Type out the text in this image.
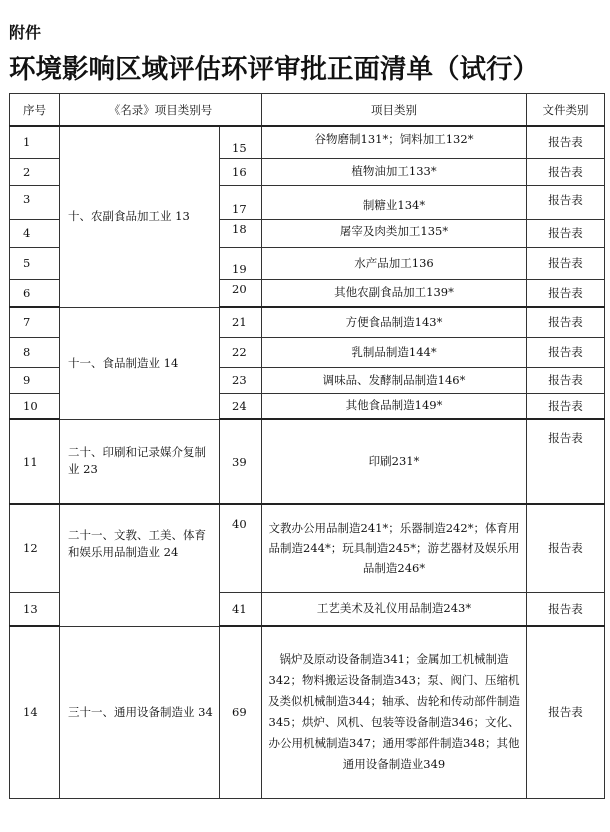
附件
环境影响区域评估环评审批正面清单（试行）
序号	《名录》项目类别号		项目类别	文件类别
1	十、农副食品加工业 13	15	谷物磨制131*；饲料加工132*	报告表
2		16	植物油加工133*	报告表
3		17	制糖业134*	报告表
4		18	屠宰及肉类加工135*	报告表
5		19	水产品加工136	报告表
6		20	其他农副食品加工139*	报告表
7	十一、食品制造业 14	21	方便食品制造143*	报告表
8		22	乳制品制造144*	报告表
9		23	调味品、发酵制品制造146*	报告表
10		24	其他食品制造149*	报告表
11	二十、印刷和记录媒介复制业 23	39	印刷231*	报告表
12	二十一、文教、工美、体育和娱乐用品制造业 24	40	文教办公用品制造241*；乐器制造242*；体育用品制造244*；玩具制造245*；游艺器材及娱乐用品制造246*	报告表
13		41	工艺美术及礼仪用品制造243*	报告表
14	三十一、通用设备制造业 34	69	锅炉及原动设备制造341；金属加工机械制造342；物料搬运设备制造343；泵、阀门、压缩机及类似机械制造344；轴承、齿轮和传动部件制造345；烘炉、风机、包装等设备制造346；文化、办公用机械制造347；通用零部件制造348；其他通用设备制造业349	报告表
